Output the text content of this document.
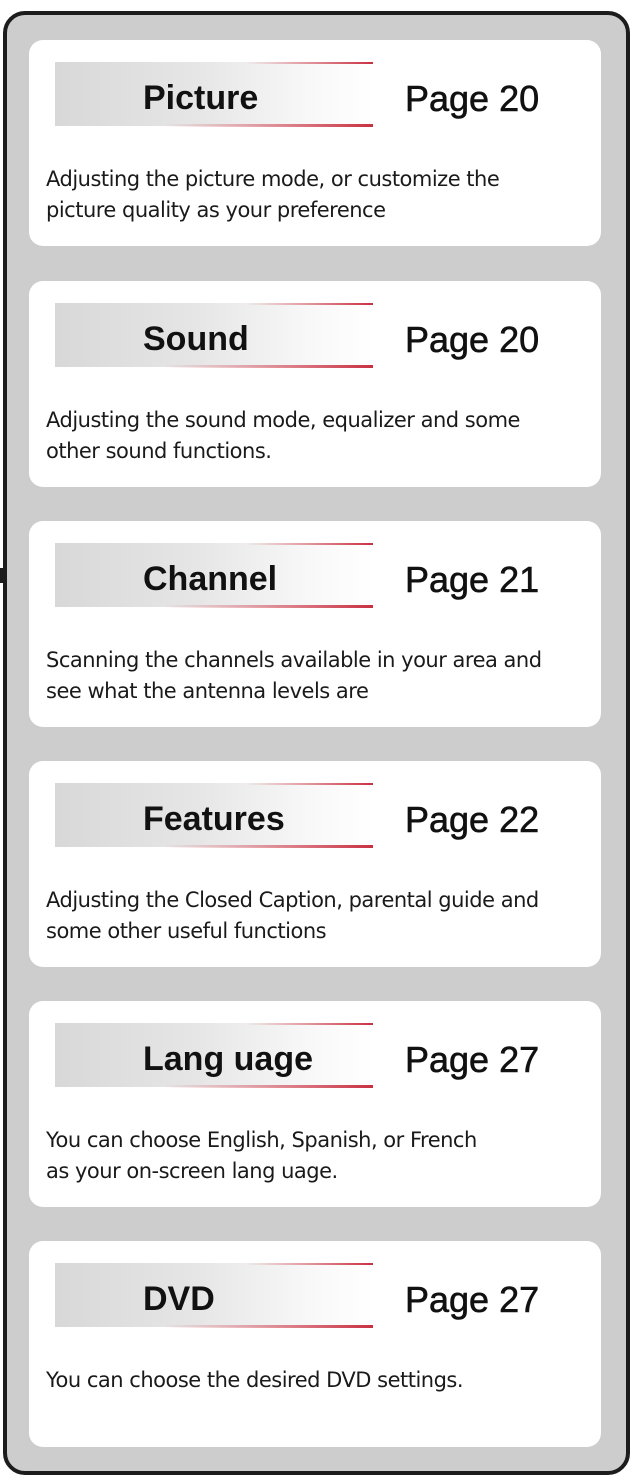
Picture	Page 20
Adjusting the picture mode, or customize the
picture quality as your preference
Sound	Page 20
Adjusting the sound mode, equalizer and some
other sound functions.
Channel	Page 21
Scanning the channels available in your area and
see what the antenna levels are
Features	Page 22
Adjusting the Closed Caption, parental guide and
some other useful functions
Lang uage	Page 27
You can choose English, Spanish, or French
as your on-screen lang uage.
DVD	Page 27
You can choose the desired DVD settings.
